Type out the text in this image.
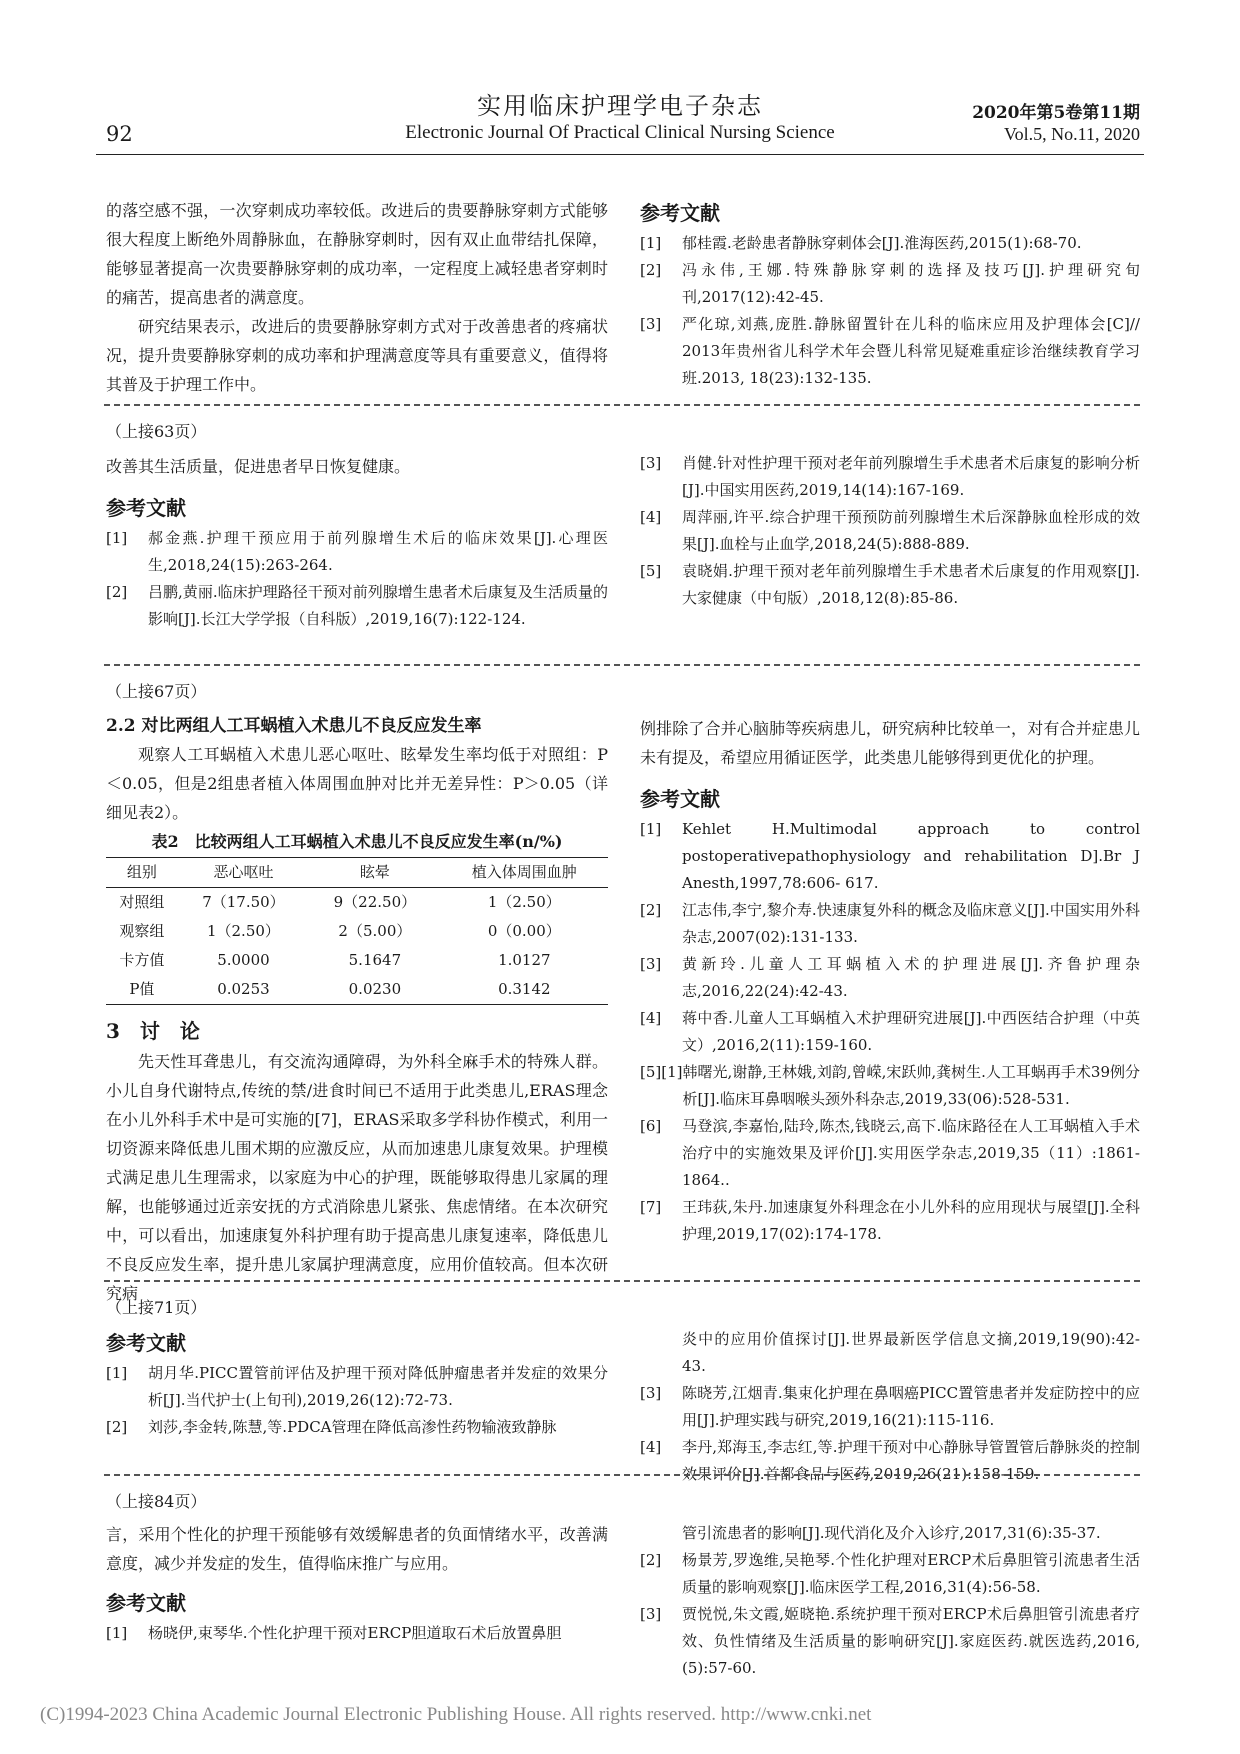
实用临床护理学电子杂志
92	Electronic Journal Of Practical Clinical Nursing Science
2020年第5卷第11期
Vol.5, No.11, 2020

的落空感不强，一次穿刺成功率较低。改进后的贵要静脉穿刺方式能够很大程度上断绝外周静脉血，在静脉穿刺时，因有双止血带结扎保障，能够显著提高一次贵要静脉穿刺的成功率，一定程度上减轻患者穿刺时的痛苦，提高患者的满意度。

研究结果表示，改进后的贵要静脉穿刺方式对于改善患者的疼痛状况，提升贵要静脉穿刺的成功率和护理满意度等具有重要意义，值得将其普及于护理工作中。

参考文献

[1]	郁桂霞.老龄患者静脉穿刺体会[J].淮海医药,2015(1):68-70.
[2]	冯永伟,王娜.特殊静脉穿刺的选择及技巧[J].护理研究旬刊,2017(12):42-45.
[3]	严化琼,刘燕,庞胜.静脉留置针在儿科的临床应用及护理体会[C]// 2013年贵州省儿科学术年会暨儿科常见疑难重症诊治继续教育学习班.2013, 18(23):132-135.

（上接63页）

改善其生活质量，促进患者早日恢复健康。

参考文献

[1]	郝金燕.护理干预应用于前列腺增生术后的临床效果[J].心理医生,2018,24(15):263-264.
[2]	吕鹏,黄丽.临床护理路径干预对前列腺增生患者术后康复及生活质量的影响[J].长江大学学报（自科版）,2019,16(7):122-124.
[3]	肖健.针对性护理干预对老年前列腺增生手术患者术后康复的影响分析[J].中国实用医药,2019,14(14):167-169.
[4]	周萍丽,许平.综合护理干预预防前列腺增生术后深静脉血栓形成的效果[J].血栓与止血学,2018,24(5):888-889.
[5]	袁晓娟.护理干预对老年前列腺增生手术患者术后康复的作用观察[J].大家健康（中旬版）,2018,12(8):85-86.

（上接67页）

2.2 对比两组人工耳蜗植入术患儿不良反应发生率

观察人工耳蜗植入术患儿恶心呕吐、眩晕发生率均低于对照组：P＜0.05，但是2组患者植入体周围血肿对比并无差异性：P＞0.05（详细见表2）。

表2　比较两组人工耳蜗植入术患儿不良反应发生率(n/%)

组别	恶心呕吐	眩晕	植入体周围血肿
对照组	7（17.50）	9（22.50）	1（2.50）
观察组	1（2.50）	2（5.00）	0（0.00）
卡方值	5.0000	5.1647	1.0127
P值	0.0253	0.0230	0.3142

3　讨　论

先天性耳聋患儿，有交流沟通障碍，为外科全麻手术的特殊人群。小儿自身代谢特点,传统的禁/进食时间已不适用于此类患儿,ERAS理念在小儿外科手术中是可实施的[7]，ERAS采取多学科协作模式，利用一切资源来降低患儿围术期的应激反应，从而加速患儿康复效果。护理模式满足患儿生理需求，以家庭为中心的护理，既能够取得患儿家属的理解，也能够通过近亲安抚的方式消除患儿紧张、焦虑情绪。在本次研究中，可以看出，加速康复外科护理有助于提高患儿康复速率，降低患儿不良反应发生率，提升患儿家属护理满意度，应用价值较高。但本次研究病

例排除了合并心脑肺等疾病患儿，研究病种比较单一，对有合并症患儿未有提及，希望应用循证医学，此类患儿能够得到更优化的护理。

参考文献

[1]	Kehlet H.Multimodal approach to control postoperativepathophysiology and rehabilitation D].Br J Anesth,1997,78:606- 617.
[2]	江志伟,李宁,黎介寿.快速康复外科的概念及临床意义[J].中国实用外科杂志,2007(02):131-133.
[3]	黄新玲.儿童人工耳蜗植入术的护理进展[J].齐鲁护理杂志,2016,22(24):42-43.
[4]	蒋中香.儿童人工耳蜗植入术护理研究进展[J].中西医结合护理（中英文）,2016,2(11):159-160.
[5][1] 韩曙光,谢静,王林娥,刘韵,曾嵘,宋跃帅,龚树生.人工耳蜗再手术39例分析[J].临床耳鼻咽喉头颈外科杂志,2019,33(06):528-531.
[6]	马登滨,李嘉怡,陆玲,陈杰,钱晓云,高下.临床路径在人工耳蜗植入手术治疗中的实施效果及评价[J].实用医学杂志,2019,35（11）:1861-1864..
[7]	王玮荻,朱丹.加速康复外科理念在小儿外科的应用现状与展望[J].全科护理,2019,17(02):174-178.

（上接71页）

参考文献

[1]	胡月华.PICC置管前评估及护理干预对降低肿瘤患者并发症的效果分析[J].当代护士(上旬刊),2019,26(12):72-73.
[2]	刘莎,李金转,陈慧,等.PDCA管理在降低高渗性药物输液致静脉
炎中的应用价值探讨[J].世界最新医学信息文摘,2019,19(90):42-43.
[3]	陈晓芳,江烟青.集束化护理在鼻咽癌PICC置管患者并发症防控中的应用[J].护理实践与研究,2019,16(21):115-116.
[4]	李丹,郑海玉,李志红,等.护理干预对中心静脉导管置管后静脉炎的控制效果评价[J].首都食品与医药,2019,26(21):158-159.

（上接84页）

言，采用个性化的护理干预能够有效缓解患者的负面情绪水平，改善满意度，减少并发症的发生，值得临床推广与应用。

参考文献

[1]	杨晓伊,束琴华.个性化护理干预对ERCP胆道取石术后放置鼻胆
管引流患者的影响[J].现代消化及介入诊疗,2017,31(6):35-37.
[2]	杨景芳,罗逸维,吴艳琴.个性化护理对ERCP术后鼻胆管引流患者生活质量的影响观察[J].临床医学工程,2016,31(4):56-58.
[3]	贾悦悦,朱文霞,姬晓艳.系统护理干预对ERCP术后鼻胆管引流患者疗效、负性情绪及生活质量的影响研究[J].家庭医药.就医选药,2016,(5):57-60.
(C)1994-2023 China Academic Journal Electronic Publishing House. All rights reserved. http://www.cnki.net
